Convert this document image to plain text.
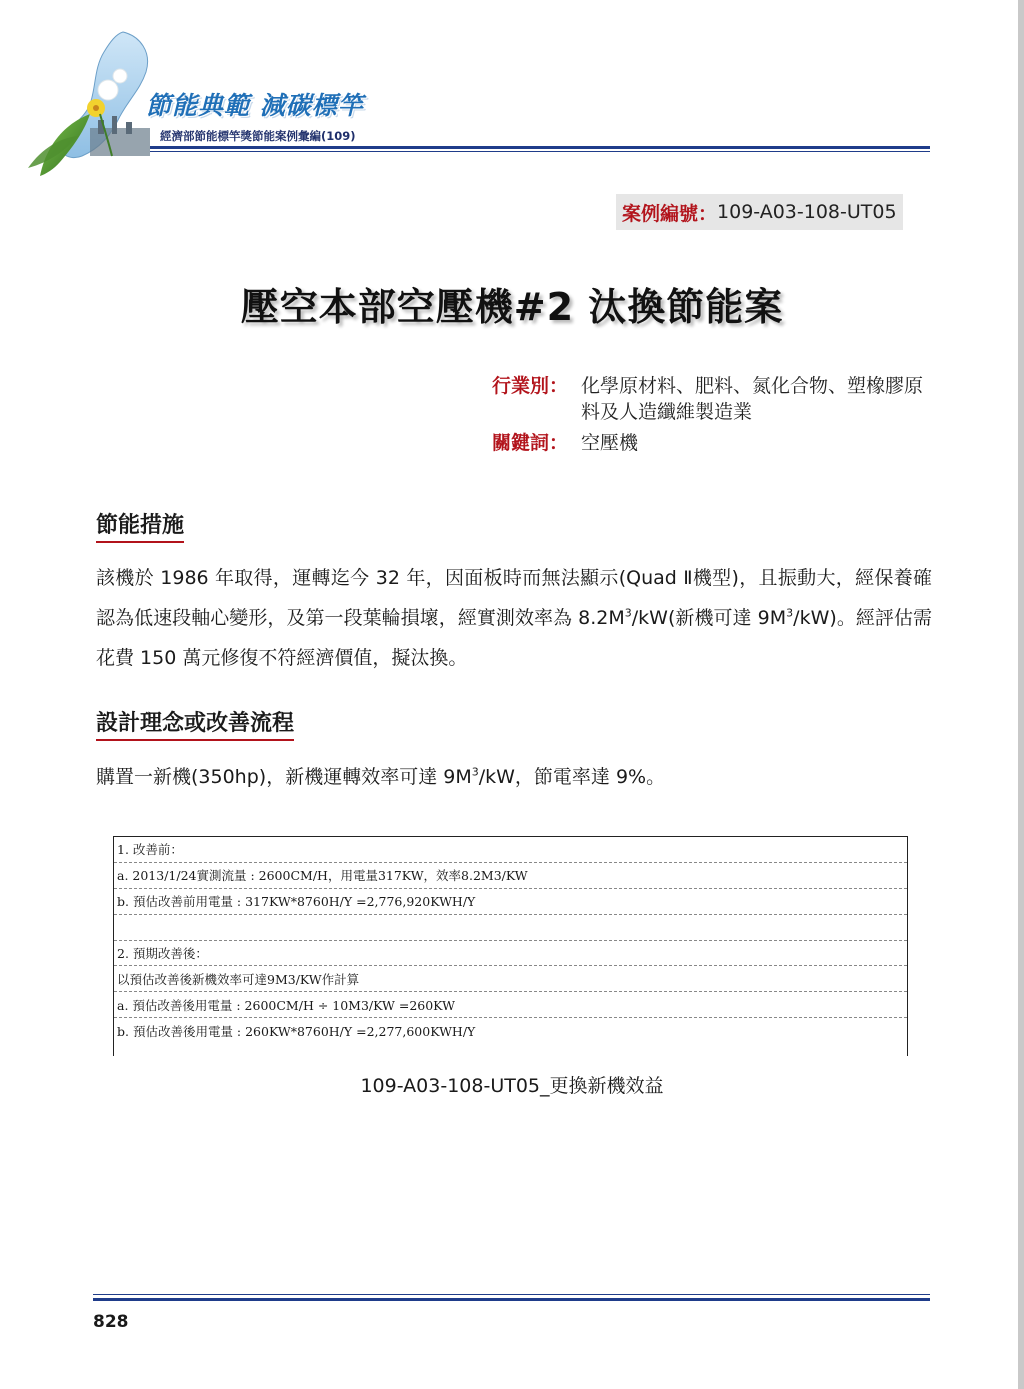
節能典範 減碳標竿
經濟部節能標竿獎節能案例彙編(109)
案例編號： 109-A03-108-UT05
壓空本部空壓機#2 汰換節能案
行業別： 化學原材料、肥料、氮化合物、塑橡膠原料及人造纖維製造業
關鍵詞： 空壓機
節能措施
該機於 1986 年取得，運轉迄今 32 年，因面板時而無法顯示(Quad Ⅱ機型)，且振動大，經保養確認為低速段軸心變形，及第一段葉輪損壞，經實測效率為 $8.2M^3/kW$(新機可達 $9M^3/kW$)。經評估需花費 150 萬元修復不符經濟價值，擬汰換。
設計理念或改善流程
購置一新機(350hp)，新機運轉效率可達 $9M^3/kW$，節電率達 9%。
1. 改善前：
a. 2013/1/24實測流量 : 2600CM/H，用電量317KW，效率8.2M3/KW
b. 預估改善前用電量 : 317KW*8760H/Y =2,776,920KWH/Y
2. 預期改善後：
以預估改善後新機效率可達9M3/KW作計算
a. 預估改善後用電量 : 2600CM/H ÷ 10M3/KW =260KW
b. 預估改善後用電量 : 260KW*8760H/Y =2,277,600KWH/Y
109-A03-108-UT05_更換新機效益
828
